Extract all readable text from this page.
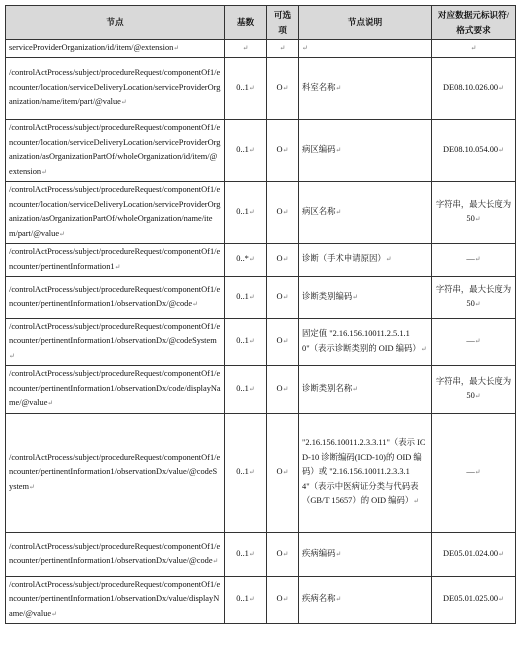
节点	基数	可选项	节点说明	对应数据元标识符/格式要求
serviceProviderOrganization/id/item/@extension↵	↵	↵	↵	↵
/controlActProcess/subject/procedureRequest/componentOf1/encounter/location/serviceDeliveryLocation/serviceProviderOrganization/name/item/part/@value↵	0..1↵	O↵	科室名称↵	DE08.10.026.00↵
/controlActProcess/subject/procedureRequest/componentOf1/encounter/location/serviceDeliveryLocation/serviceProviderOrganization/asOrganizationPartOf/wholeOrganization/id/item/@extension↵	0..1↵	O↵	病区编码↵	DE08.10.054.00↵
/controlActProcess/subject/procedureRequest/componentOf1/encounter/location/serviceDeliveryLocation/serviceProviderOrganization/asOrganizationPartOf/wholeOrganization/name/item/part/@value↵	0..1↵	O↵	病区名称↵	字符串，最大长度为 50↵
/controlActProcess/subject/procedureRequest/componentOf1/encounter/pertinentInformation1↵	0..*↵	O↵	诊断（手术申请原因）↵	—↵
/controlActProcess/subject/procedureRequest/componentOf1/encounter/pertinentInformation1/observationDx/@code↵	0..1↵	O↵	诊断类别编码↵	字符串，最大长度为 50↵
/controlActProcess/subject/procedureRequest/componentOf1/encounter/pertinentInformation1/observationDx/@codeSystem↵	0..1↵	O↵	固定值 "2.16.156.10011.2.5.1.10"（表示诊断类别的 OID 编码）↵	—↵
/controlActProcess/subject/procedureRequest/componentOf1/encounter/pertinentInformation1/observationDx/code/displayName/@value↵	0..1↵	O↵	诊断类别名称↵	字符串，最大长度为 50↵
/controlActProcess/subject/procedureRequest/componentOf1/encounter/pertinentInformation1/observationDx/value/@codeSystem↵	0..1↵	O↵	"2.16.156.10011.2.3.3.11"（表示 ICD-10 诊断编码(ICD-10)的 OID 编码）或 "2.16.156.10011.2.3.3.14"（表示中医病证分类与代码表（GB/T 15657）的 OID 编码）↵	—↵
/controlActProcess/subject/procedureRequest/componentOf1/encounter/pertinentInformation1/observationDx/value/@code↵	0..1↵	O↵	疾病编码↵	DE05.01.024.00↵
/controlActProcess/subject/procedureRequest/componentOf1/encounter/pertinentInformation1/observationDx/value/displayName/@value↵	0..1↵	O↵	疾病名称↵	DE05.01.025.00↵
